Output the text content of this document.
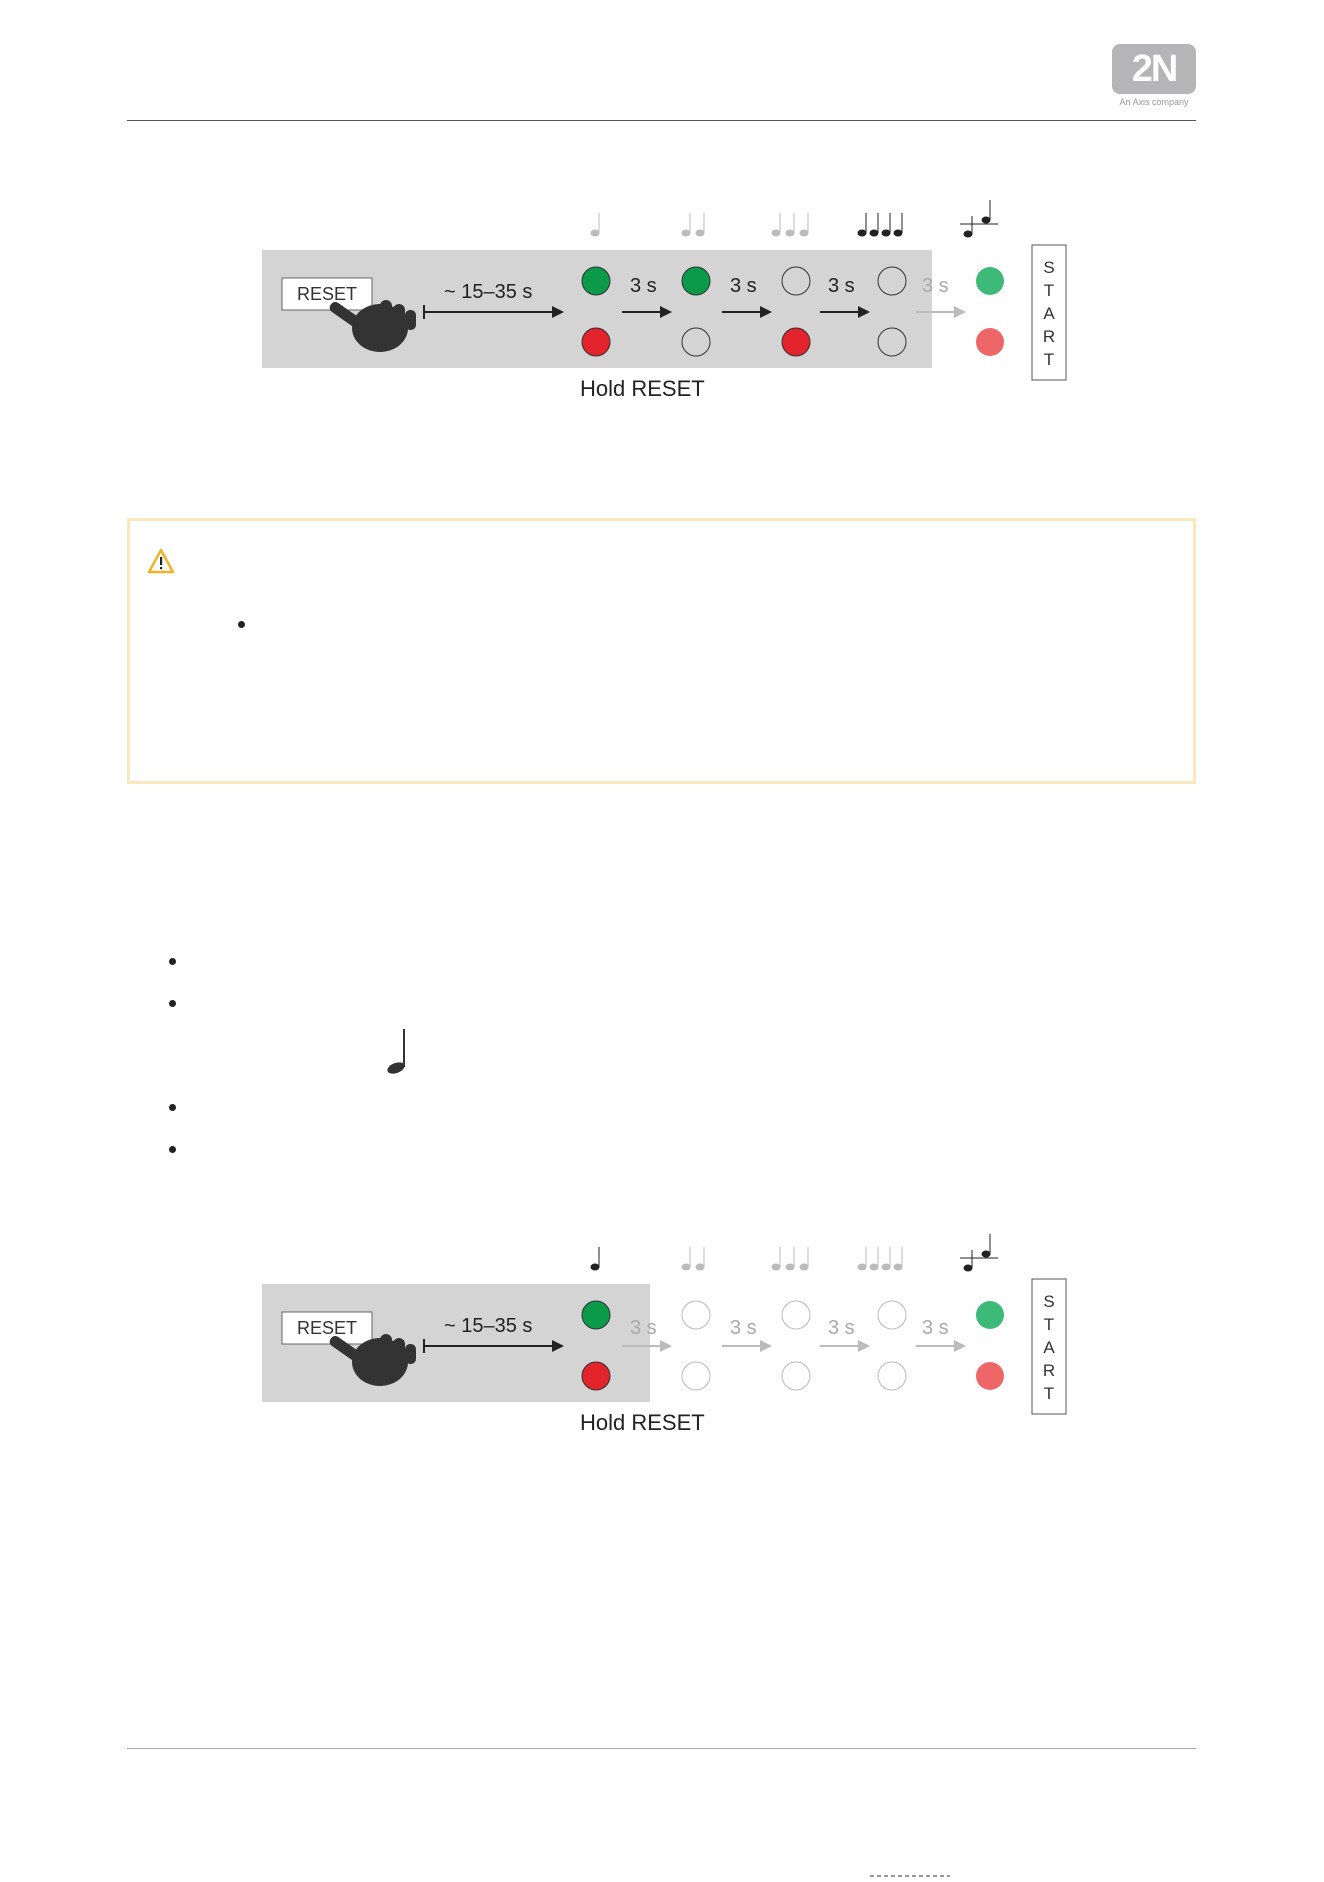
2N
An Axis company
RESET	~ 15–35 s	3 s	3 s	3 s	3 s
S
T
A
R
T
Hold RESET
RESET	~ 15–35 s	3 s	3 s	3 s	3 s
S
T
A
R
T
Hold RESET
